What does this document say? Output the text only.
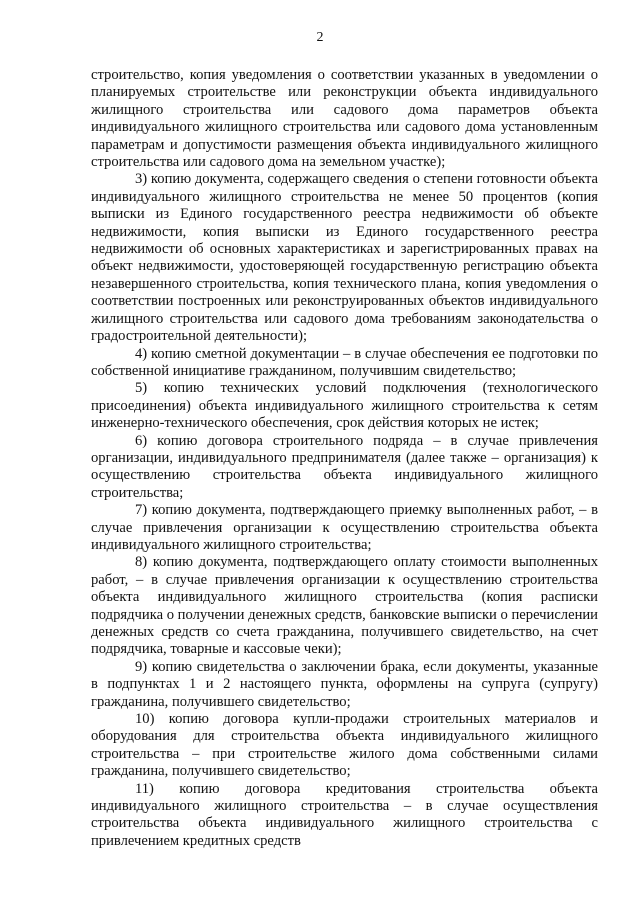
2

строительство, копия уведомления о соответствии указанных в уведомлении о планируемых строительстве или реконструкции объекта индивидуального жилищного строительства или садового дома параметров объекта индивидуального жилищного строительства или садового дома установленным параметрам и допустимости размещения объекта индивидуального жилищного строительства или садового дома на земельном участке);

3) копию документа, содержащего сведения о степени готовности объекта индивидуального жилищного строительства не менее 50 процентов (копия выписки из Единого государственного реестра недвижимости об объекте недвижимости, копия выписки из Единого государственного реестра недвижимости об основных характеристиках и зарегистрированных правах на объект недвижимости, удостоверяющей государственную регистрацию объекта незавершенного строительства, копия технического плана, копия уведомления о соответствии построенных или реконструированных объектов индивидуального жилищного строительства или садового дома требованиям законодательства о градостроительной деятельности);

4) копию сметной документации – в случае обеспечения ее подготовки по собственной инициативе гражданином, получившим свидетельство;

5) копию технических условий подключения (технологического присоединения) объекта индивидуального жилищного строительства к сетям инженерно-технического обеспечения, срок действия которых не истек;

6) копию договора строительного подряда – в случае привлечения организации, индивидуального предпринимателя (далее также – организация) к осуществлению строительства объекта индивидуального жилищного строительства;

7) копию документа, подтверждающего приемку выполненных работ, – в случае привлечения организации к осуществлению строительства объекта индивидуального жилищного строительства;

8) копию документа, подтверждающего оплату стоимости выполненных работ, – в случае привлечения организации к осуществлению строительства объекта индивидуального жилищного строительства (копия расписки подрядчика о получении денежных средств, банковские выписки о перечислении денежных средств со счета гражданина, получившего свидетельство, на счет подрядчика, товарные и кассовые чеки);

9) копию свидетельства о заключении брака, если документы, указанные в подпунктах 1 и 2 настоящего пункта, оформлены на супруга (супругу) гражданина, получившего свидетельство;

10) копию договора купли-продажи строительных материалов и оборудования для строительства объекта индивидуального жилищного строительства – при строительстве жилого дома собственными силами гражданина, получившего свидетельство;

11) копию договора кредитования строительства объекта индивидуального жилищного строительства – в случае осуществления строительства объекта индивидуального жилищного строительства с привлечением кредитных средств
